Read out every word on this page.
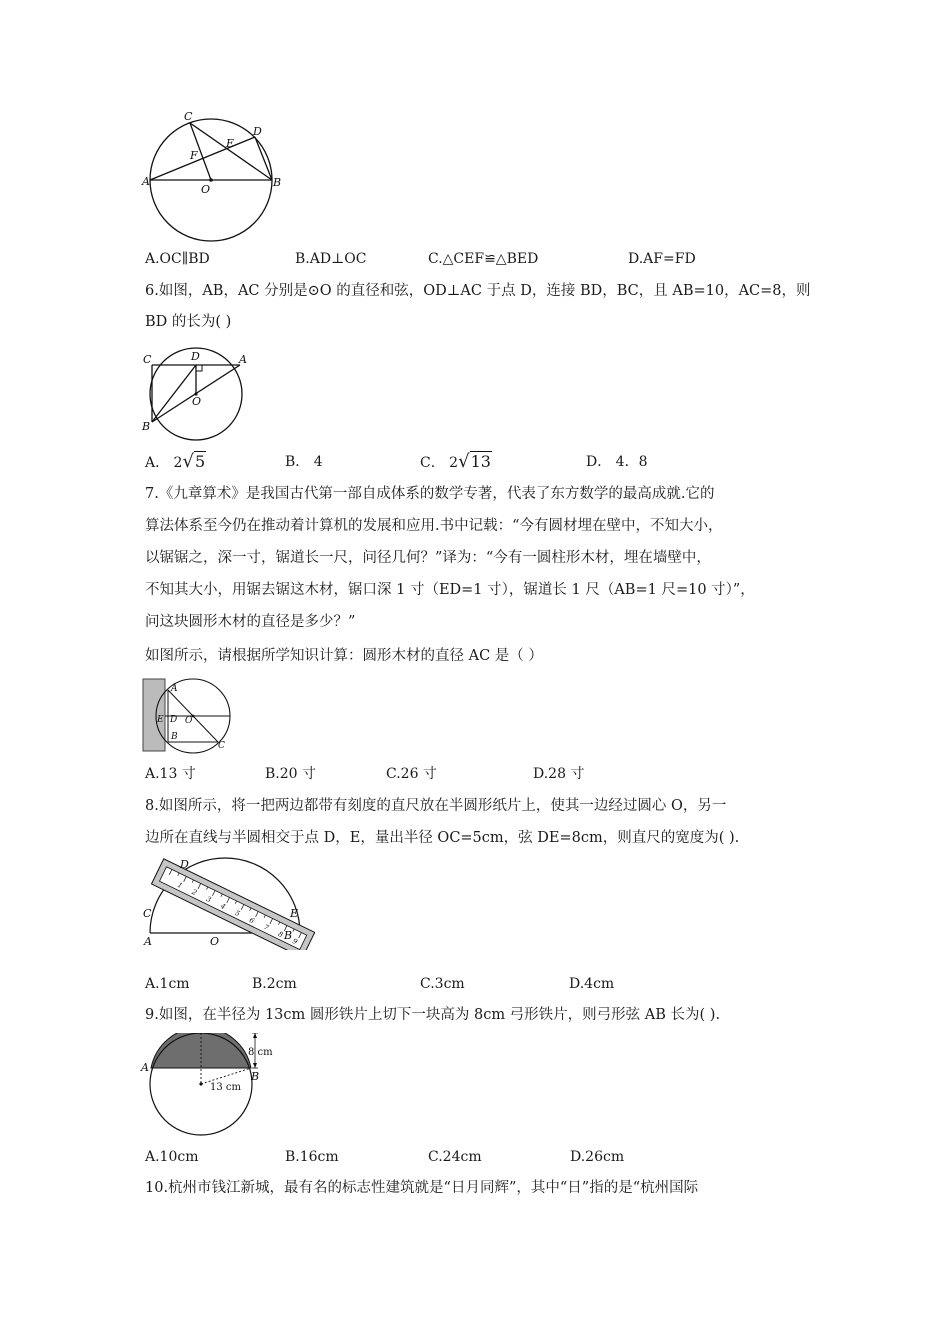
C
D
E
F
A
O
B
A.OC∥BD	B.AD⊥OC	C.△CEF≌△BED	D.AF=FD
6.如图，AB，AC 分别是⊙O 的直径和弦，OD⊥AC 于点 D，连接 BD，BC，且 AB=10，AC=8，则
BD 的长为( )
C	D	A
O
B
A． 2√5	B． 4	C． 2√13	D． 4．8
7.《九章算术》是我国古代第一部自成体系的数学专著，代表了东方数学的最高成就.它的
算法体系至今仍在推动着计算机的发展和应用.书中记载：“今有圆材埋在壁中，不知大小，
以锯锯之，深一寸，锯道长一尺，问径几何？”译为：“今有一圆柱形木材，埋在墙壁中，
不知其大小，用锯去锯这木材，锯口深 1 寸（ED=1 寸），锯道长 1 尺（AB=1 尺=10 寸）”，
问这块圆形木材的直径是多少？”
如图所示，请根据所学知识计算：圆形木材的直径 AC 是（ ）
A
E D O
B
C
A.13 寸	B.20 寸	C.26 寸	D.28 寸
8.如图所示，将一把两边都带有刻度的直尺放在半圆形纸片上，使其一边经过圆心 O，另一
边所在直线与半圆相交于点 D，E，量出半径 OC=5cm，弦 DE=8cm，则直尺的宽度为( ).
1
2
3
4
5
6
7
8
9
D
C	E
A	O	B
A.1cm	B.2cm	C.3cm	D.4cm
9.如图，在半径为 13cm 圆形铁片上切下一块高为 8cm 弓形铁片，则弓形弦 AB 长为( ).
8 cm
A
B
13 cm
A.10cm	B.16cm	C.24cm	D.26cm
10.杭州市钱江新城，最有名的标志性建筑就是“日月同辉”，其中“日”指的是“杭州国际
